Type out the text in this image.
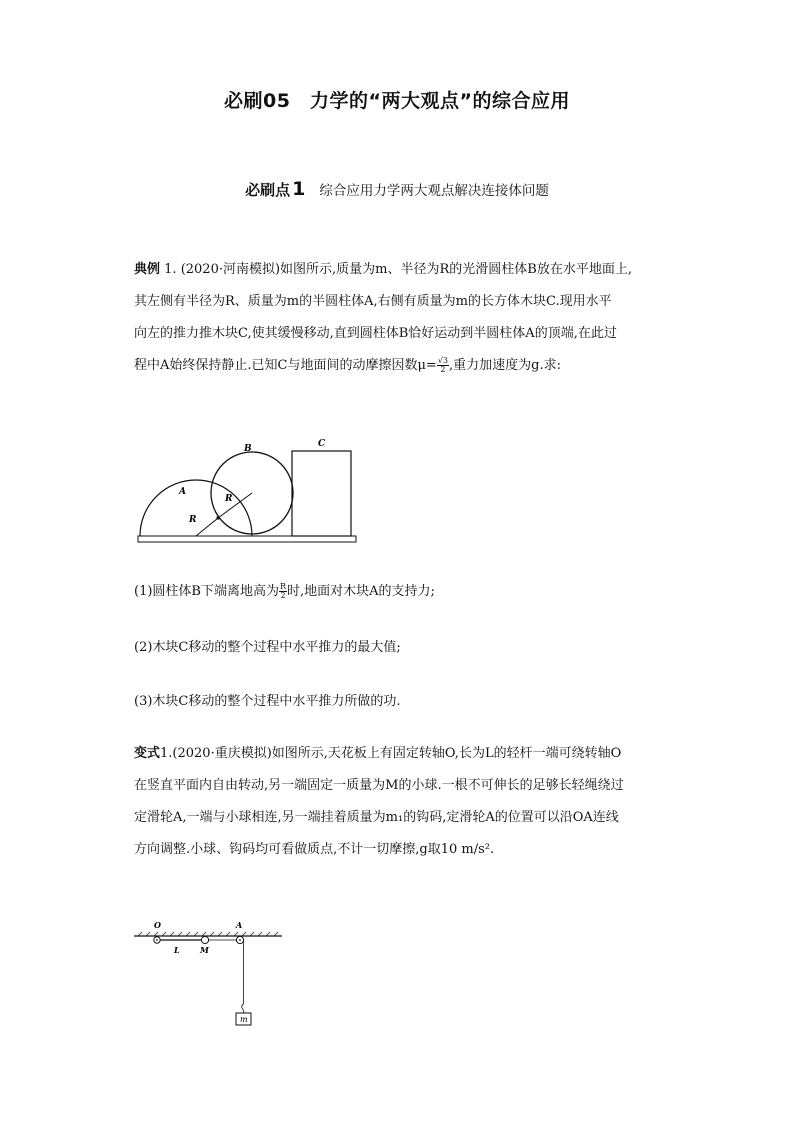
必刷05　力学的“两大观点”的综合应用
必刷点 1 综合应用力学两大观点解决连接体问题
典例 1. (2020·河南模拟)如图所示,质量为m、半径为R的光滑圆柱体B放在水平地面上,
其左侧有半径为R、质量为m的半圆柱体A,右侧有质量为m的长方体木块C.现用水平
向左的推力推木块C,使其缓慢移动,直到圆柱体B恰好运动到半圆柱体A的顶端,在此过
程中A始终保持静止.已知C与地面间的动摩擦因数$\mu= \frac{√3}{2}$ ,重力加速度为g.求:
A
B	C
R
R
(1)圆柱体B下端离地高为 $\frac{R}{2}$ 时,地面对木块A的支持力;
(2)木块C移动的整个过程中水平推力的最大值;
(3)木块C移动的整个过程中水平推力所做的功.
变式1.(2020·重庆模拟)如图所示,天花板上有固定转轴O,长为L的轻杆一端可绕转轴O
在竖直平面内自由转动,另一端固定一质量为M的小球.一根不可伸长的足够长轻绳绕过
定滑轮A,一端与小球相连,另一端挂着质量为m₁的钩码,定滑轮A的位置可以沿OA连线
方向调整.小球、钩码均可看做质点,不计一切摩擦,g取10 m/s².
O	A
L	M
m
